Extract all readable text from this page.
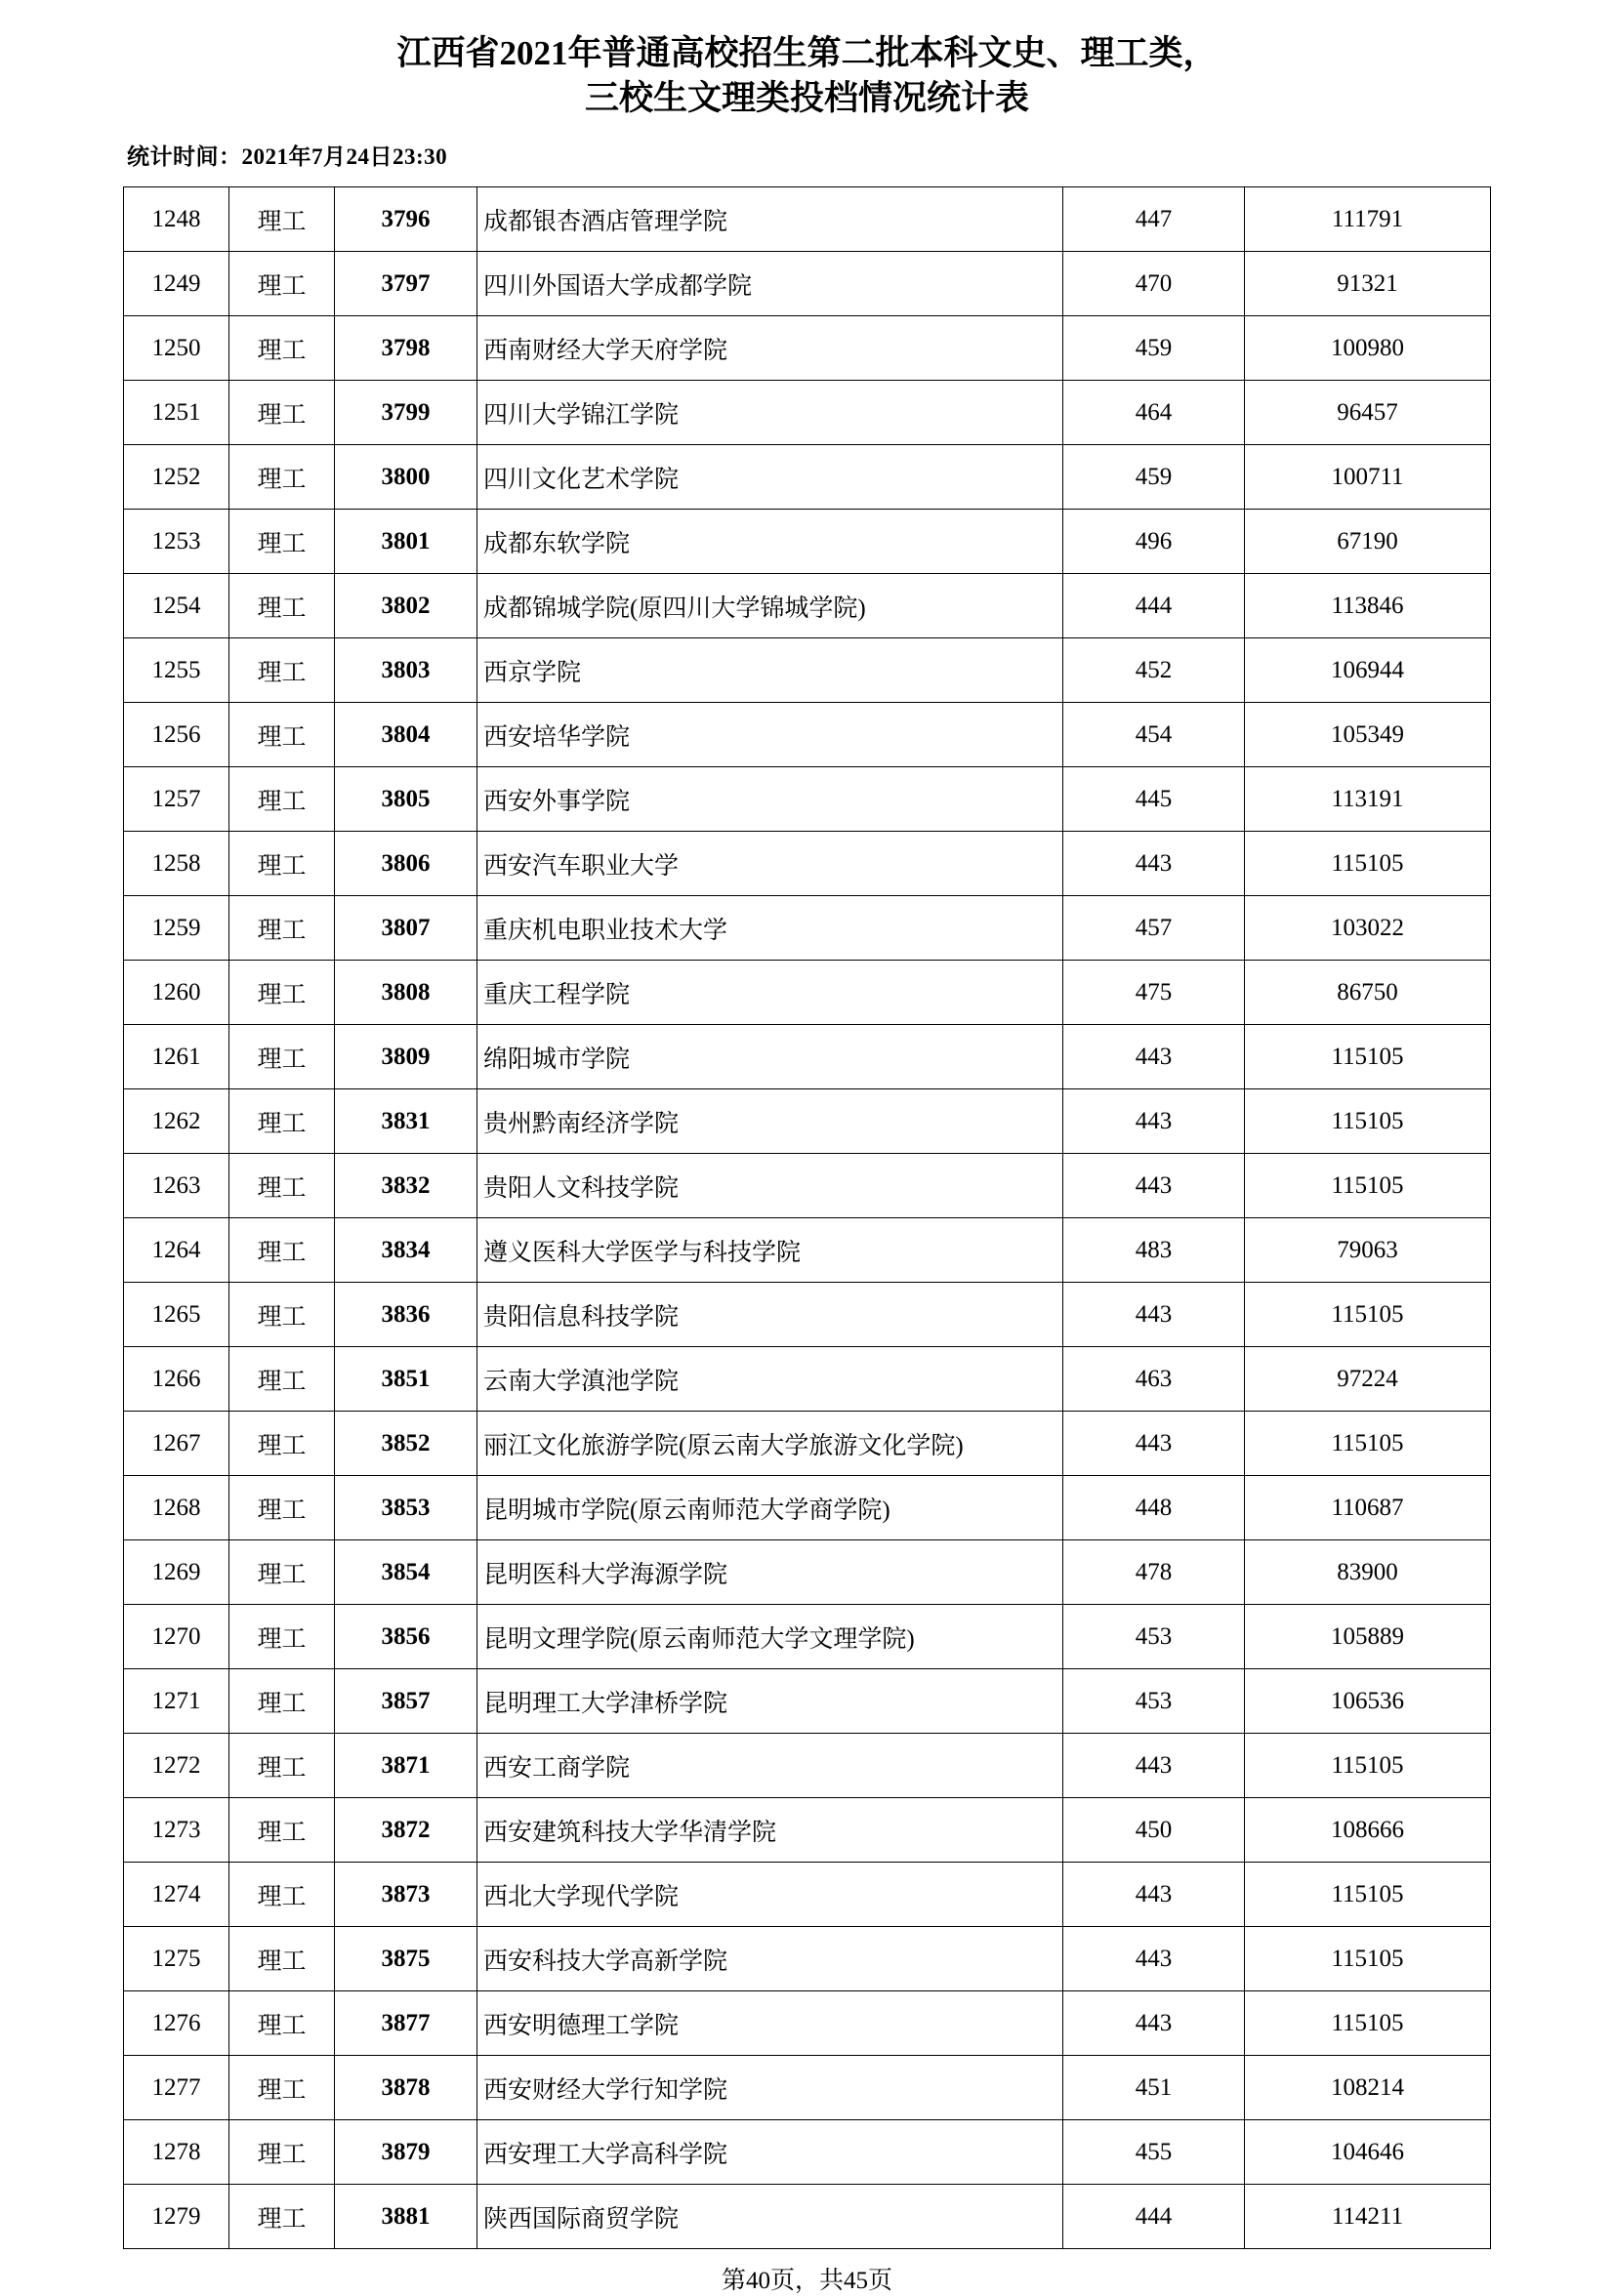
江西省2021年普通高校招生第二批本科文史、理工类，
三校生文理类投档情况统计表
统计时间：2021年7月24日23:30
1248	理工	3796	成都银杏酒店管理学院	447	111791
1249	理工	3797	四川外国语大学成都学院	470	91321
1250	理工	3798	西南财经大学天府学院	459	100980
1251	理工	3799	四川大学锦江学院	464	96457
1252	理工	3800	四川文化艺术学院	459	100711
1253	理工	3801	成都东软学院	496	67190
1254	理工	3802	成都锦城学院(原四川大学锦城学院)	444	113846
1255	理工	3803	西京学院	452	106944
1256	理工	3804	西安培华学院	454	105349
1257	理工	3805	西安外事学院	445	113191
1258	理工	3806	西安汽车职业大学	443	115105
1259	理工	3807	重庆机电职业技术大学	457	103022
1260	理工	3808	重庆工程学院	475	86750
1261	理工	3809	绵阳城市学院	443	115105
1262	理工	3831	贵州黔南经济学院	443	115105
1263	理工	3832	贵阳人文科技学院	443	115105
1264	理工	3834	遵义医科大学医学与科技学院	483	79063
1265	理工	3836	贵阳信息科技学院	443	115105
1266	理工	3851	云南大学滇池学院	463	97224
1267	理工	3852	丽江文化旅游学院(原云南大学旅游文化学院)	443	115105
1268	理工	3853	昆明城市学院(原云南师范大学商学院)	448	110687
1269	理工	3854	昆明医科大学海源学院	478	83900
1270	理工	3856	昆明文理学院(原云南师范大学文理学院)	453	105889
1271	理工	3857	昆明理工大学津桥学院	453	106536
1272	理工	3871	西安工商学院	443	115105
1273	理工	3872	西安建筑科技大学华清学院	450	108666
1274	理工	3873	西北大学现代学院	443	115105
1275	理工	3875	西安科技大学高新学院	443	115105
1276	理工	3877	西安明德理工学院	443	115105
1277	理工	3878	西安财经大学行知学院	451	108214
1278	理工	3879	西安理工大学高科学院	455	104646
1279	理工	3881	陕西国际商贸学院	444	114211
第40页，共45页
